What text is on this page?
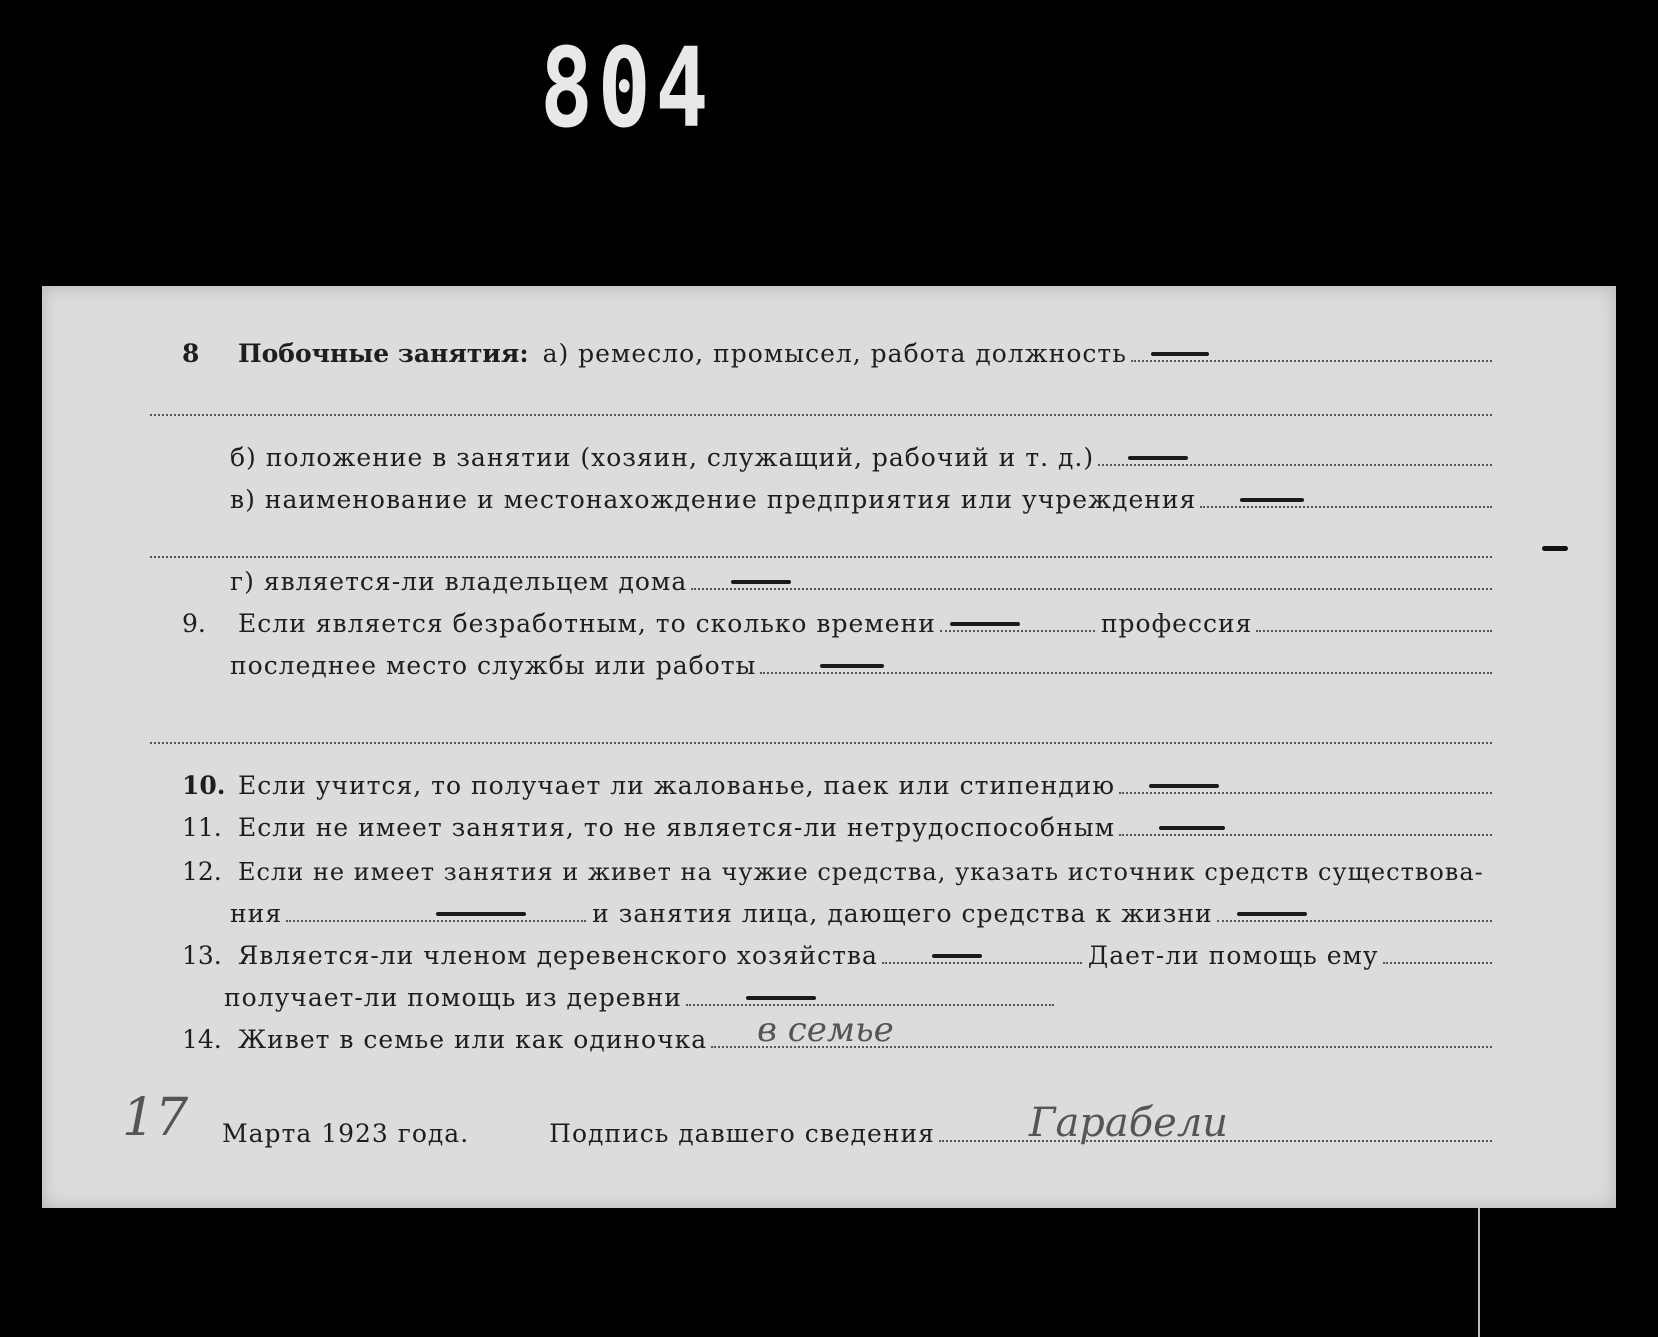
804
8	Побочные занятия: а) ремесло, промысел, работа должность
б) положение в занятии (хозяин, служащий, рабочий и т. д.)
в) наименование и местонахождение предприятия или учреждения
г) является-ли владельцем дома
9.	Если является безработным, то сколько времени	профессия
последнее место службы или работы
10. Если учится, то получает ли жалованье, паек или стипендию
11. Если не имеет занятия, то не является-ли нетрудоспособным
12. Если не имеет занятия и живет на чужие средства, указать источник средств существова-
ния	и занятия лица, дающего средства к жизни
13. Является-ли членом деревенского хозяйства	Дает-ли помощь ему
получает-ли помощь из деревни
14. Живет в семье или как одиночка в семье
17	Марта 1923 года.	Подпись давшего сведения Гарабели
